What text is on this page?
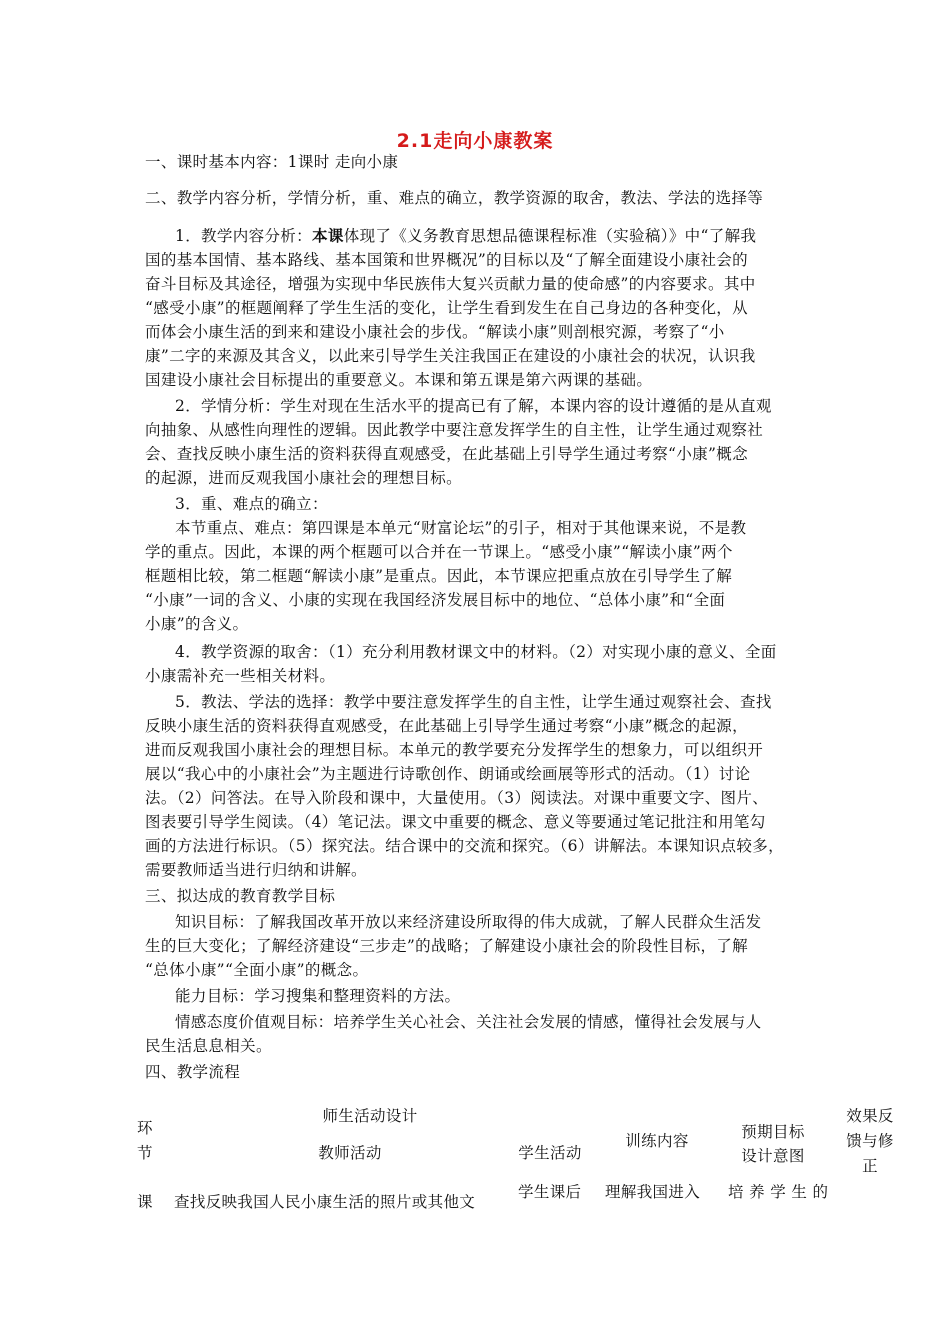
2.1走向小康教案
一、课时基本内容：1课时 走向小康
二、教学内容分析，学情分析，重、难点的确立，教学资源的取舍，教法、学法的选择等
1．教学内容分析：本课体现了《义务教育思想品德课程标准（实验稿）》中“了解我
国的基本国情、基本路线、基本国策和世界概况”的目标以及“了解全面建设小康社会的
奋斗目标及其途径，增强为实现中华民族伟大复兴贡献力量的使命感”的内容要求。其中
“感受小康”的框题阐释了学生生活的变化，让学生看到发生在自己身边的各种变化，从
而体会小康生活的到来和建设小康社会的步伐。“解读小康”则剖根究源，考察了“小
康”二字的来源及其含义，以此来引导学生关注我国正在建设的小康社会的状况，认识我
国建设小康社会目标提出的重要意义。本课和第五课是第六两课的基础。
2．学情分析：学生对现在生活水平的提高已有了解，本课内容的设计遵循的是从直观
向抽象、从感性向理性的逻辑。因此教学中要注意发挥学生的自主性，让学生通过观察社
会、查找反映小康生活的资料获得直观感受，在此基础上引导学生通过考察“小康”概念
的起源，进而反观我国小康社会的理想目标。
3．重、难点的确立：
本节重点、难点：第四课是本单元“财富论坛”的引子，相对于其他课来说，不是教
学的重点。因此，本课的两个框题可以合并在一节课上。“感受小康”“解读小康”两个
框题相比较，第二框题“解读小康”是重点。因此，本节课应把重点放在引导学生了解
“小康”一词的含义、小康的实现在我国经济发展目标中的地位、“总体小康”和“全面
小康”的含义。
4．教学资源的取舍：（1）充分利用教材课文中的材料。（2）对实现小康的意义、全面
小康需补充一些相关材料。
5．教法、学法的选择：教学中要注意发挥学生的自主性，让学生通过观察社会、查找
反映小康生活的资料获得直观感受，在此基础上引导学生通过考察“小康”概念的起源，
进而反观我国小康社会的理想目标。本单元的教学要充分发挥学生的想象力，可以组织开
展以“我心中的小康社会”为主题进行诗歌创作、朗诵或绘画展等形式的活动。（1）讨论
法。（2）问答法。在导入阶段和课中，大量使用。（3）阅读法。对课中重要文字、图片、
图表要引导学生阅读。（4）笔记法。课文中重要的概念、意义等要通过笔记批注和用笔勾
画的方法进行标识。（5）探究法。结合课中的交流和探究。（6）讲解法。本课知识点较多，
需要教师适当进行归纳和讲解。
三、拟达成的教育教学目标
知识目标：了解我国改革开放以来经济建设所取得的伟大成就，了解人民群众生活发
生的巨大变化；了解经济建设“三步走”的战略；了解建设小康社会的阶段性目标，了解
“总体小康”“全面小康”的概念。
能力目标：学习搜集和整理资料的方法。
情感态度价值观目标：培养学生关心社会、关注社会发展的情感，懂得社会发展与人
民生活息息相关。
四、教学流程
环
节
师生活动设计
教师活动	学生活动
训练内容	预期目标
设计意图
效果反
馈与修
正
课 查找反映我国人民小康生活的照片或其他文
学生课后 理解我国进入 培 养 学 生 的
